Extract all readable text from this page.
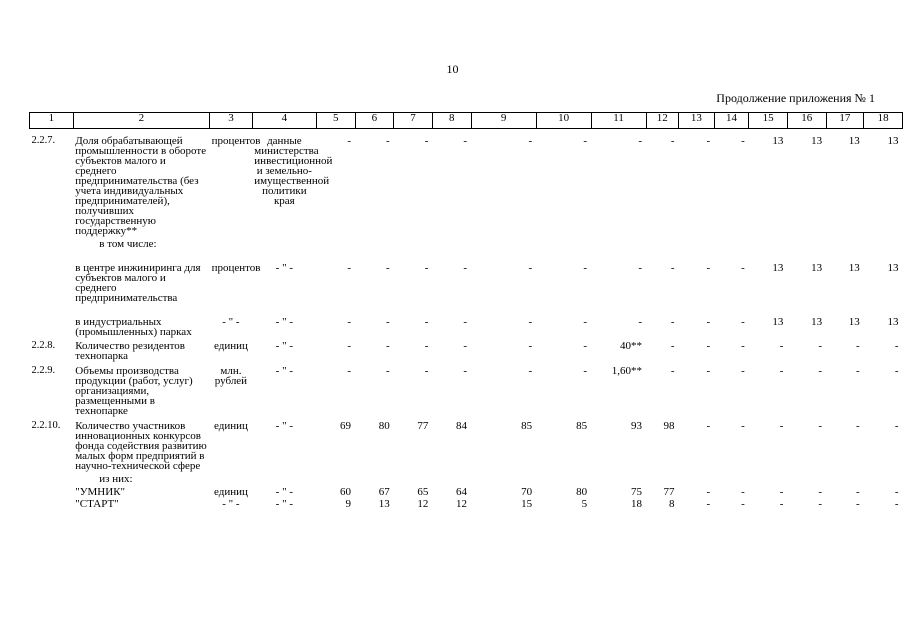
10
Продолжение приложения № 1
1	2	3	4	5	6	7	8	9	10	11	12	13	14	15	16	17	18
2.2.7.	Доля обрабатывающей промышленности в обороте субъектов малого и среднего предпринимательства (без учета индивидуальных предпринимателей), получивших государственную поддержку**	процентов	данные министерства инвестиционной и земельно-имущественной политики края	-	-	-	-	-	-	-	-	-	-	13	13	13	13
	в том числе:																
	в центре инжиниринга для субъектов малого и среднего предпринимательства	процентов	- " -	-	-	-	-	-	-	-	-	-	-	13	13	13	13
	в индустриальных (промышленных) парках	- " -	- " -	-	-	-	-	-	-	-	-	-	-	13	13	13	13
2.2.8.	Количество резидентов технопарка	единиц	- " -	-	-	-	-	-	-	40**	-	-	-	-	-	-	-
2.2.9.	Объемы производства продукции (работ, услуг) организациями, размещенными в технопарке	млн. рублей	- " -	-	-	-	-	-	-	1,60**	-	-	-	-	-	-	-
2.2.10.	Количество участников инновационных конкурсов фонда содействия развитию малых форм предприятий в научно-технической сфере	единиц	- " -	69	80	77	84	85	85	93	98	-	-	-	-	-	-
	из них:																
	"УМНИК"	единиц	- " -	60	67	65	64	70	80	75	77	-	-	-	-	-	-
	"СТАРТ"	- " -	- " -	9	13	12	12	15	5	18	8	-	-	-	-	-	-
